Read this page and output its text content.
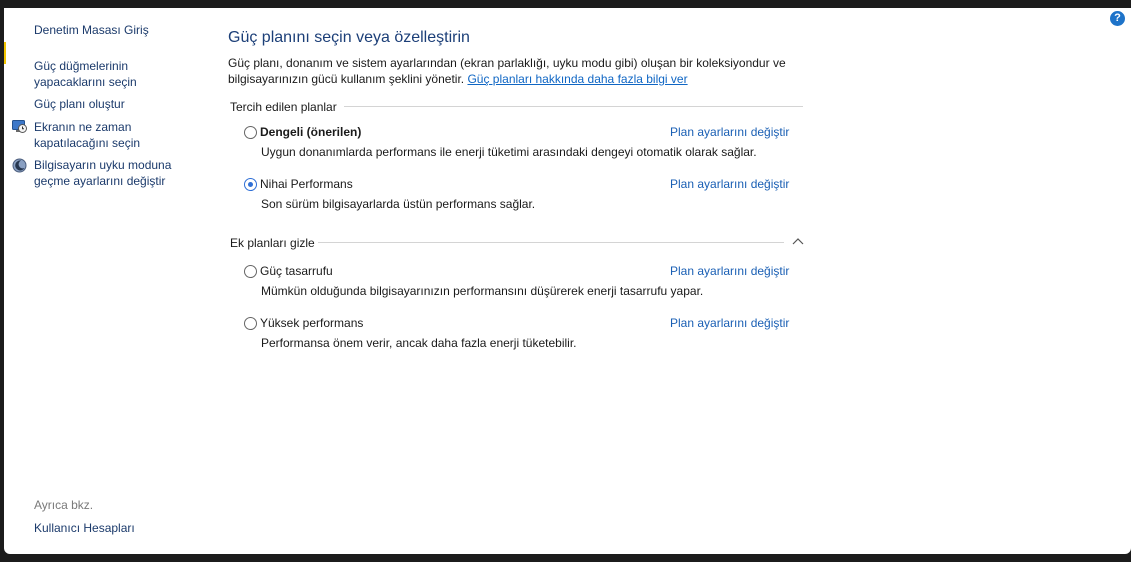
?
Denetim Masası Giriş
Güç düğmelerinin yapacaklarını seçin
Güç planı oluştur
Ekranın ne zaman kapatılacağını seçin
Bilgisayarın uyku moduna geçme ayarlarını değiştir
Ayrıca bkz.
Kullanıcı Hesapları
Güç planını seçin veya özelleştirin
Güç planı, donanım ve sistem ayarlarından (ekran parlaklığı, uyku modu gibi) oluşan bir koleksiyondur ve bilgisayarınızın gücü kullanım şeklini yönetir. Güç planları hakkında daha fazla bilgi ver
Tercih edilen planlar
Dengeli (önerilen)	Plan ayarlarını değiştir
Uygun donanımlarda performans ile enerji tüketimi arasındaki dengeyi otomatik olarak sağlar.
Nihai Performans	Plan ayarlarını değiştir
Son sürüm bilgisayarlarda üstün performans sağlar.
Ek planları gizle
Güç tasarrufu	Plan ayarlarını değiştir
Mümkün olduğunda bilgisayarınızın performansını düşürerek enerji tasarrufu yapar.
Yüksek performans	Plan ayarlarını değiştir
Performansa önem verir, ancak daha fazla enerji tüketebilir.
